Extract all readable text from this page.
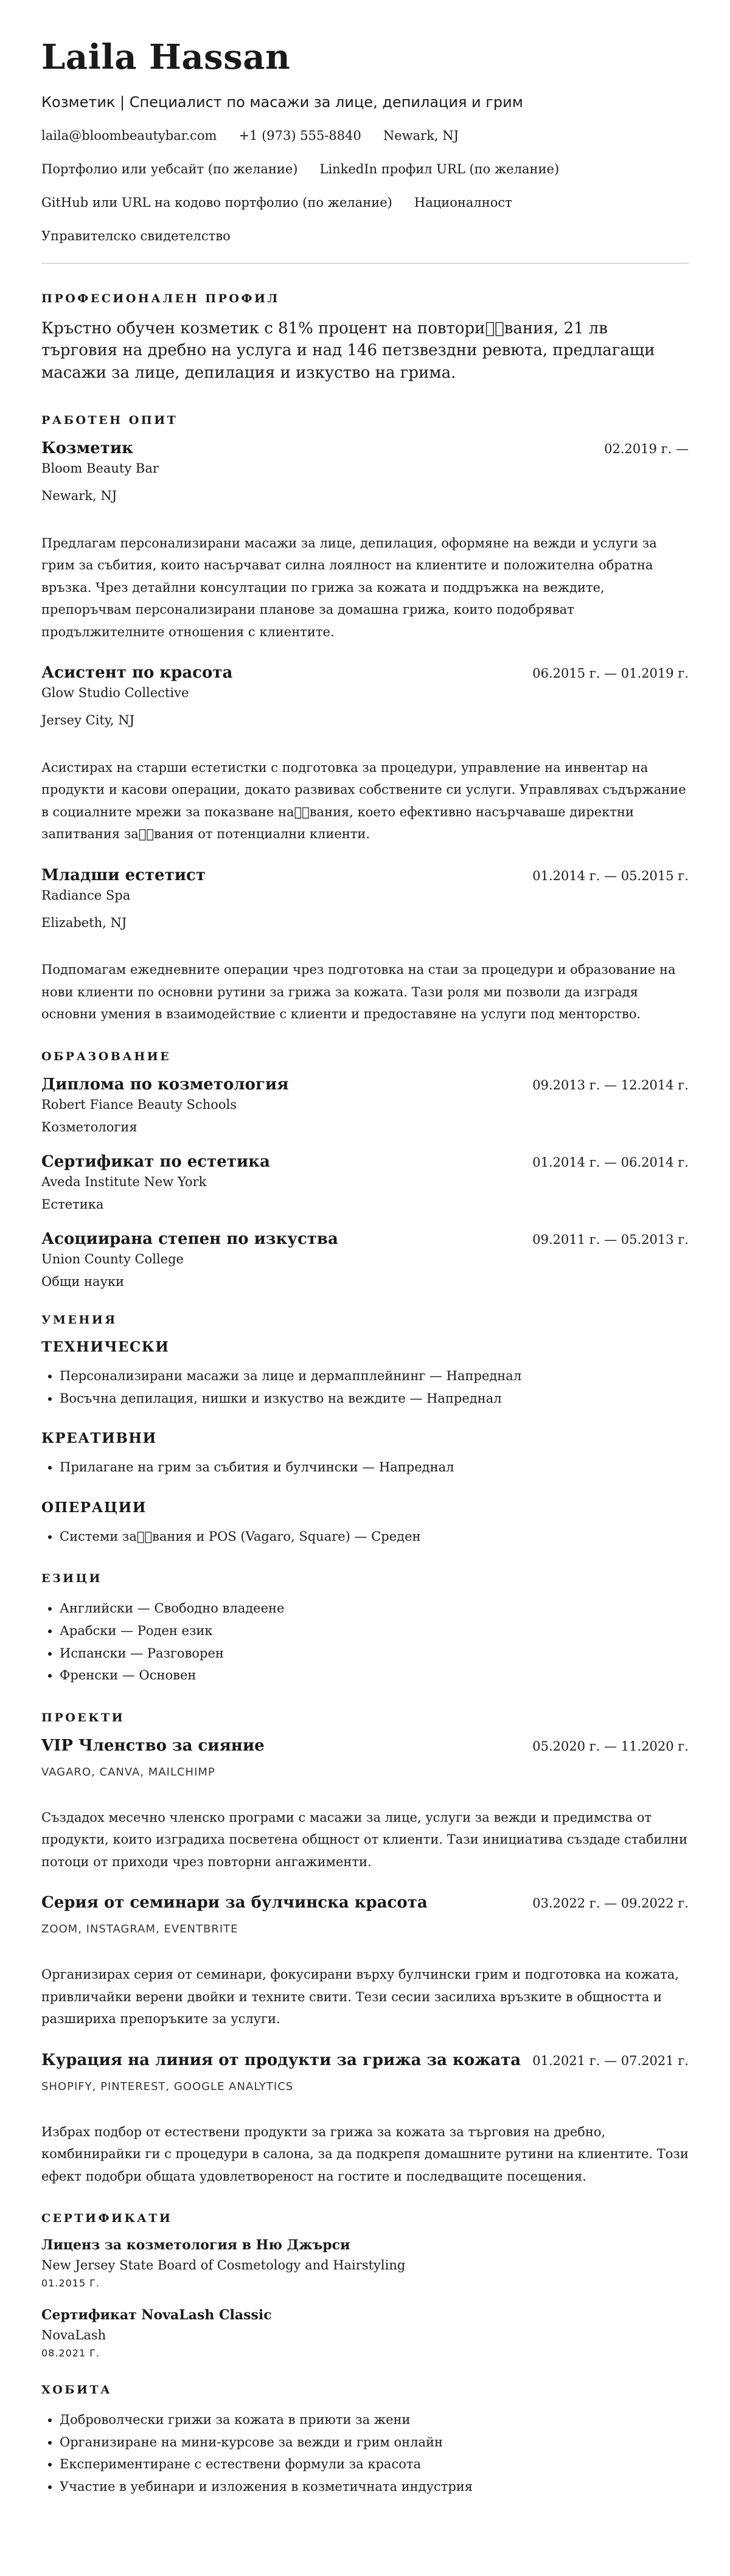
Laila Hassan
Козметик | Специалист по масажи за лице, депилация и грим
laila@bloombeautybar.com +1 (973) 555-8840 Newark, NJ
Портфолио или уебсайт (по желание) LinkedIn профил URL (по желание)
GitHub или URL на кодово портфолио (по желание) Националност
Управителско свидетелство
ПРОФЕСИОНАЛЕН ПРОФИЛ
Кръстно обучен козметик с 81% процент на повтори  вания, 21 лв търговия на дребно на услуга и над 146 петзвездни ревюта, предлагащи масажи за лице, депилация и изкуство на грима.
РАБОТЕН ОПИТ
Козметик	02.2019 г. —
Bloom Beauty Bar
Newark, NJ
Предлагам персонализирани масажи за лице, депилация, оформяне на вежди и услуги за грим за събития, които насърчават силна лоялност на клиентите и положителна обратна връзка. Чрез детайлни консултации по грижа за кожата и поддръжка на веждите, препоръчвам персонализирани планове за домашна грижа, които подобряват продължителните отношения с клиентите.
Асистент по красота	06.2015 г. — 01.2019 г.
Glow Studio Collective
Jersey City, NJ
Асистирах на старши естетистки с подготовка за процедури, управление на инвентар на продукти и касови операции, докато развивах собствените си услуги. Управлявах съдържание в социалните мрежи за показване на  вания, което ефективно насърчаваше директни запитвания за  вания от потенциални клиенти.
Младши естетист	01.2014 г. — 05.2015 г.
Radiance Spa
Elizabeth, NJ
Подпомагам ежедневните операции чрез подготовка на стаи за процедури и образование на нови клиенти по основни рутини за грижа за кожата. Тази роля ми позволи да изградя основни умения в взаимодействие с клиенти и предоставяне на услуги под менторство.
ОБРАЗОВАНИЕ
Диплома по козметология	09.2013 г. — 12.2014 г.
Robert Fiance Beauty Schools
Козметология
Сертификат по естетика	01.2014 г. — 06.2014 г.
Aveda Institute New York
Естетика
Асоциирана степен по изкуства	09.2011 г. — 05.2013 г.
Union County College
Общи науки
УМЕНИЯ
ТЕХНИЧЕСКИ
• Персонализирани масажи за лице и дермапплейнинг — Напреднал
• Восъчна депилация, нишки и изкуство на веждите — Напреднал
КРЕАТИВНИ
• Прилагане на грим за събития и булчински — Напреднал
ОПЕРАЦИИ
• Системи за  вания и POS (Vagaro, Square) — Среден
ЕЗИЦИ
• Английски — Свободно владеене
• Арабски — Роден език
• Испански — Разговорен
• Френски — Основен
ПРОЕКТИ
VIP Членство за сияние	05.2020 г. — 11.2020 г.
VAGARO, CANVA, MAILCHIMP
Създадох месечно членско програми с масажи за лице, услуги за вежди и предимства от продукти, които изградиха посветена общност от клиенти. Тази инициатива създаде стабилни потоци от приходи чрез повторни ангажименти.
Серия от семинари за булчинска красота	03.2022 г. — 09.2022 г.
ZOOM, INSTAGRAM, EVENTBRITE
Организирах серия от семинари, фокусирани върху булчински грим и подготовка на кожата, привличайки верени двойки и техните свити. Тези сесии засилиха връзките в общността и разширихa препоръките за услуги.
Курация на линия от продукти за грижа за кожата 01.2021 г. — 07.2021 г.
SHOPIFY, PINTEREST, GOOGLE ANALYTICS
Избрах подбор от естествени продукти за грижа за кожата за търговия на дребно, комбинирайки ги с процедури в салона, за да подкрепя домашните рутини на клиентите. Този ефект подобри общата удовлетвореност на гостите и последващите посещения.
СЕРТИФИКАТИ
Лиценз за козметология в Ню Джърси
New Jersey State Board of Cosmetology and Hairstyling
01.2015 Г.
Сертификат NovaLash Classic
NovaLash
08.2021 Г.
ХОБИТА
• Доброволчески грижи за кожата в приюти за жени
• Организиране на мини-курсове за вежди и грим онлайн
• Експериментиране с естествени формули за красота
• Участие в уебинари и изложения в козметичната индустрия
